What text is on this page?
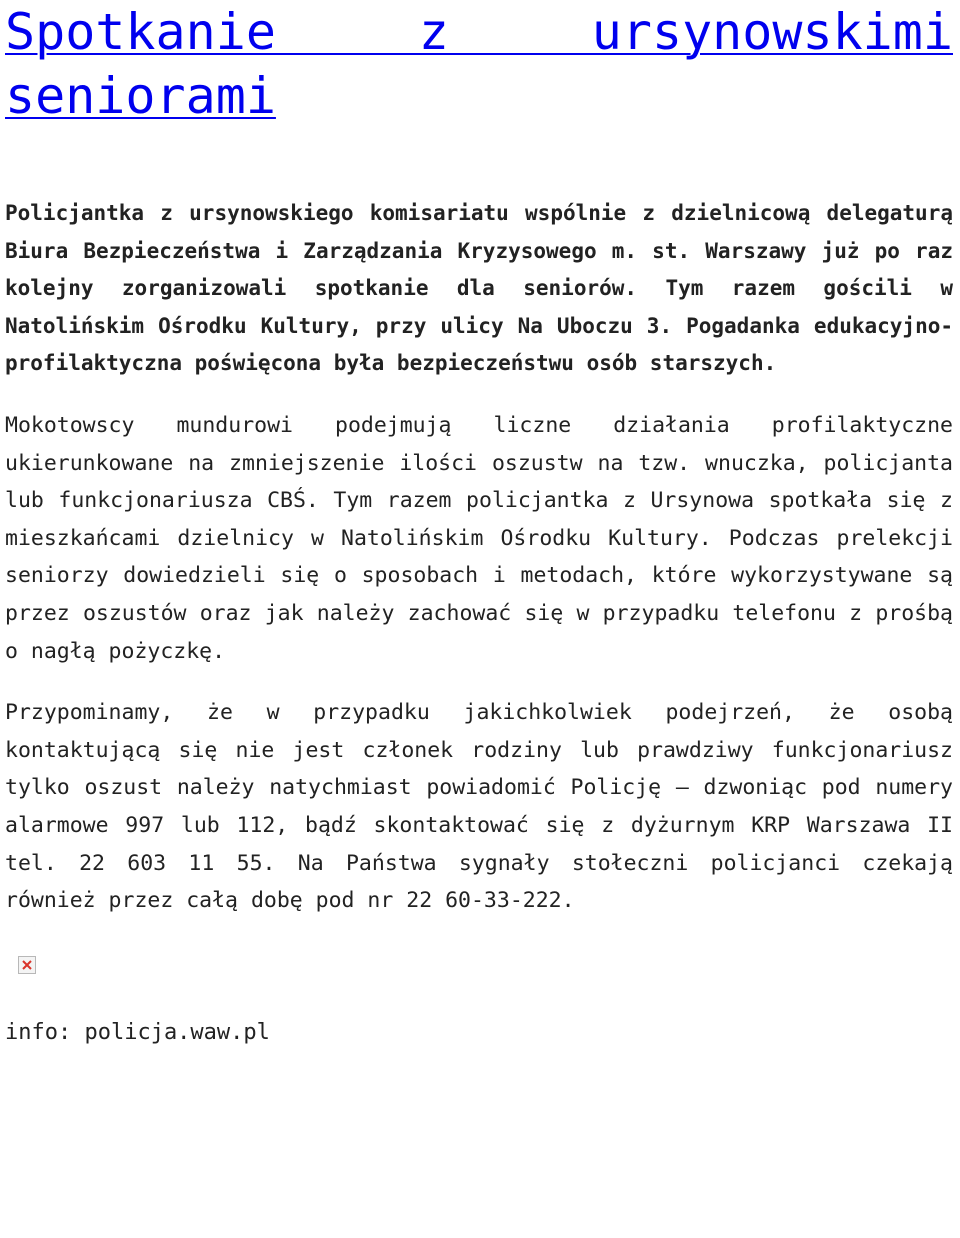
Spotkanie z ursynowskimi seniorami

Policjantka z ursynowskiego komisariatu wspólnie z dzielnicową delegaturą Biura Bezpieczeństwa i Zarządzania Kryzysowego m. st. Warszawy już po raz kolejny zorganizowali spotkanie dla seniorów. Tym razem gościli w Natolińskim Ośrodku Kultury, przy ulicy Na Uboczu 3. Pogadanka edukacyjno-profilaktyczna poświęcona była bezpieczeństwu osób starszych.

Mokotowscy mundurowi podejmują liczne działania profilaktyczne ukierunkowane na zmniejszenie ilości oszustw na tzw. wnuczka, policjanta lub funkcjonariusza CBŚ. Tym razem policjantka z Ursynowa spotkała się z mieszkańcami dzielnicy w Natolińskim Ośrodku Kultury. Podczas prelekcji seniorzy dowiedzieli się o sposobach i metodach, które wykorzystywane są przez oszustów oraz jak należy zachować się w przypadku telefonu z prośbą o nagłą pożyczkę.

Przypominamy, że w przypadku jakichkolwiek podejrzeń, że osobą kontaktującą się nie jest członek rodziny lub prawdziwy funkcjonariusz tylko oszust należy natychmiast powiadomić Policję – dzwoniąc pod numery alarmowe 997 lub 112, bądź skontaktować się z dyżurnym KRP Warszawa II tel. 22 603 11 55. Na Państwa sygnały stołeczni policjanci czekają również przez całą dobę pod nr 22 60-33-222.

info: policja.waw.pl
